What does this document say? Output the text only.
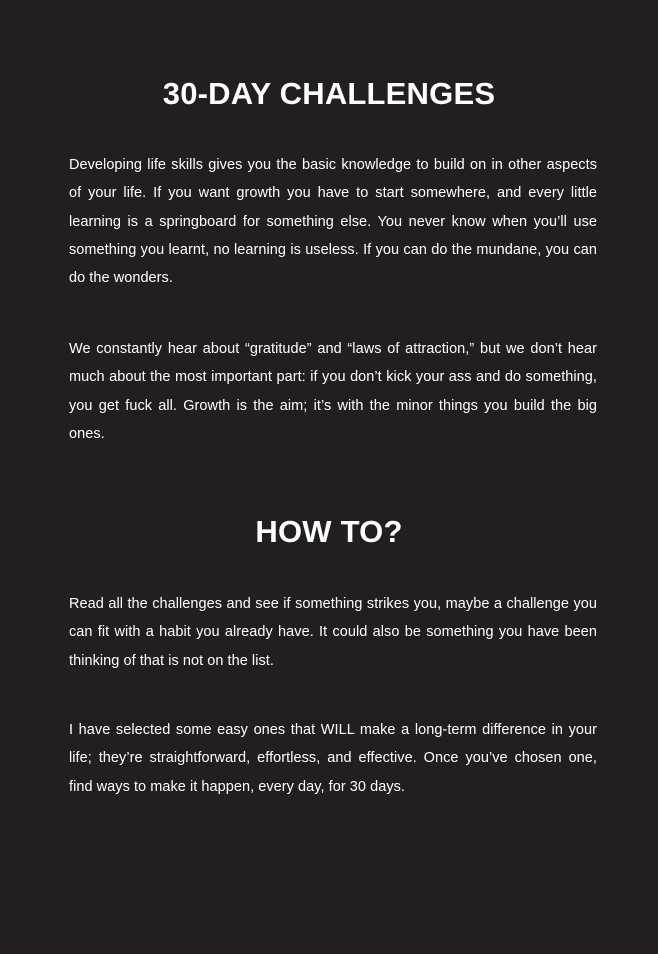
30-DAY CHALLENGES

Developing life skills gives you the basic knowledge to build on in other aspects of your life. If you want growth you have to start somewhere, and every little learning is a springboard for something else. You never know when you’ll use something you learnt, no learning is useless. If you can do the mundane, you can do the wonders.

We constantly hear about “gratitude” and “laws of attraction,” but we don’t hear much about the most important part: if you don’t kick your ass and do something, you get fuck all. Growth is the aim; it’s with the minor things you build the big ones.

HOW TO?

Read all the challenges and see if something strikes you, maybe a challenge you can fit with a habit you already have. It could also be something you have been thinking of that is not on the list.

I have selected some easy ones that WILL make a long-term difference in your life; they’re straightforward, effortless, and effective. Once you’ve chosen one, find ways to make it happen, every day, for 30 days.
